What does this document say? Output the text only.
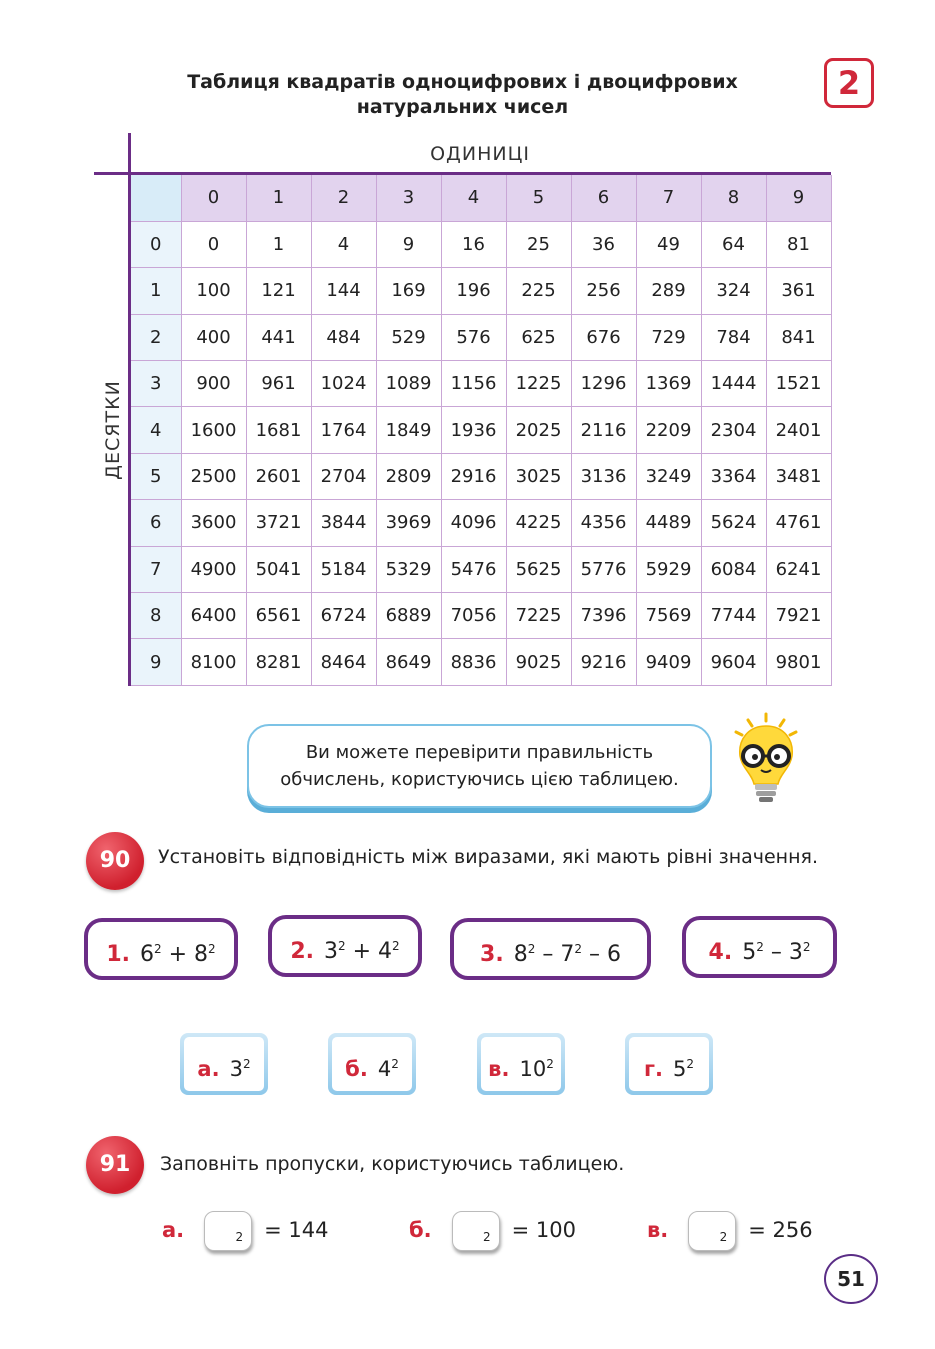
Таблиця квадратів одноцифрових і двоцифрових
натуральних чисел
2
ОДИНИЦІ
ДЕСЯТКИ
	0	1	2	3	4	5	6	7	8	9
0	0	1	4	9	16	25	36	49	64	81
1	100	121	144	169	196	225	256	289	324	361
2	400	441	484	529	576	625	676	729	784	841
3	900	961	1024	1089	1156	1225	1296	1369	1444	1521
4	1600	1681	1764	1849	1936	2025	2116	2209	2304	2401
5	2500	2601	2704	2809	2916	3025	3136	3249	3364	3481
6	3600	3721	3844	3969	4096	4225	4356	4489	5624	4761
7	4900	5041	5184	5329	5476	5625	5776	5929	6084	6241
8	6400	6561	6724	6889	7056	7225	7396	7569	7744	7921
9	8100	8281	8464	8649	8836	9025	9216	9409	9604	9801
Ви можете перевірити правильність
обчислень, користуючись цією таблицею.
90	Установіть відповідність між виразами, які мають рівні значення.
1. $6^2 + 8^2$	2. $3^2 + 4^2$	3. $8^2 - 7^2 - 6$	4. $5^2 - 3^2$
а. $3^2$	б. $4^2$	в. $10^2$	г. $5^2$
91	Заповніть пропуски, користуючись таблицею.
а.	2 = 144	б.	2 = 100	в.	2 = 256
51
